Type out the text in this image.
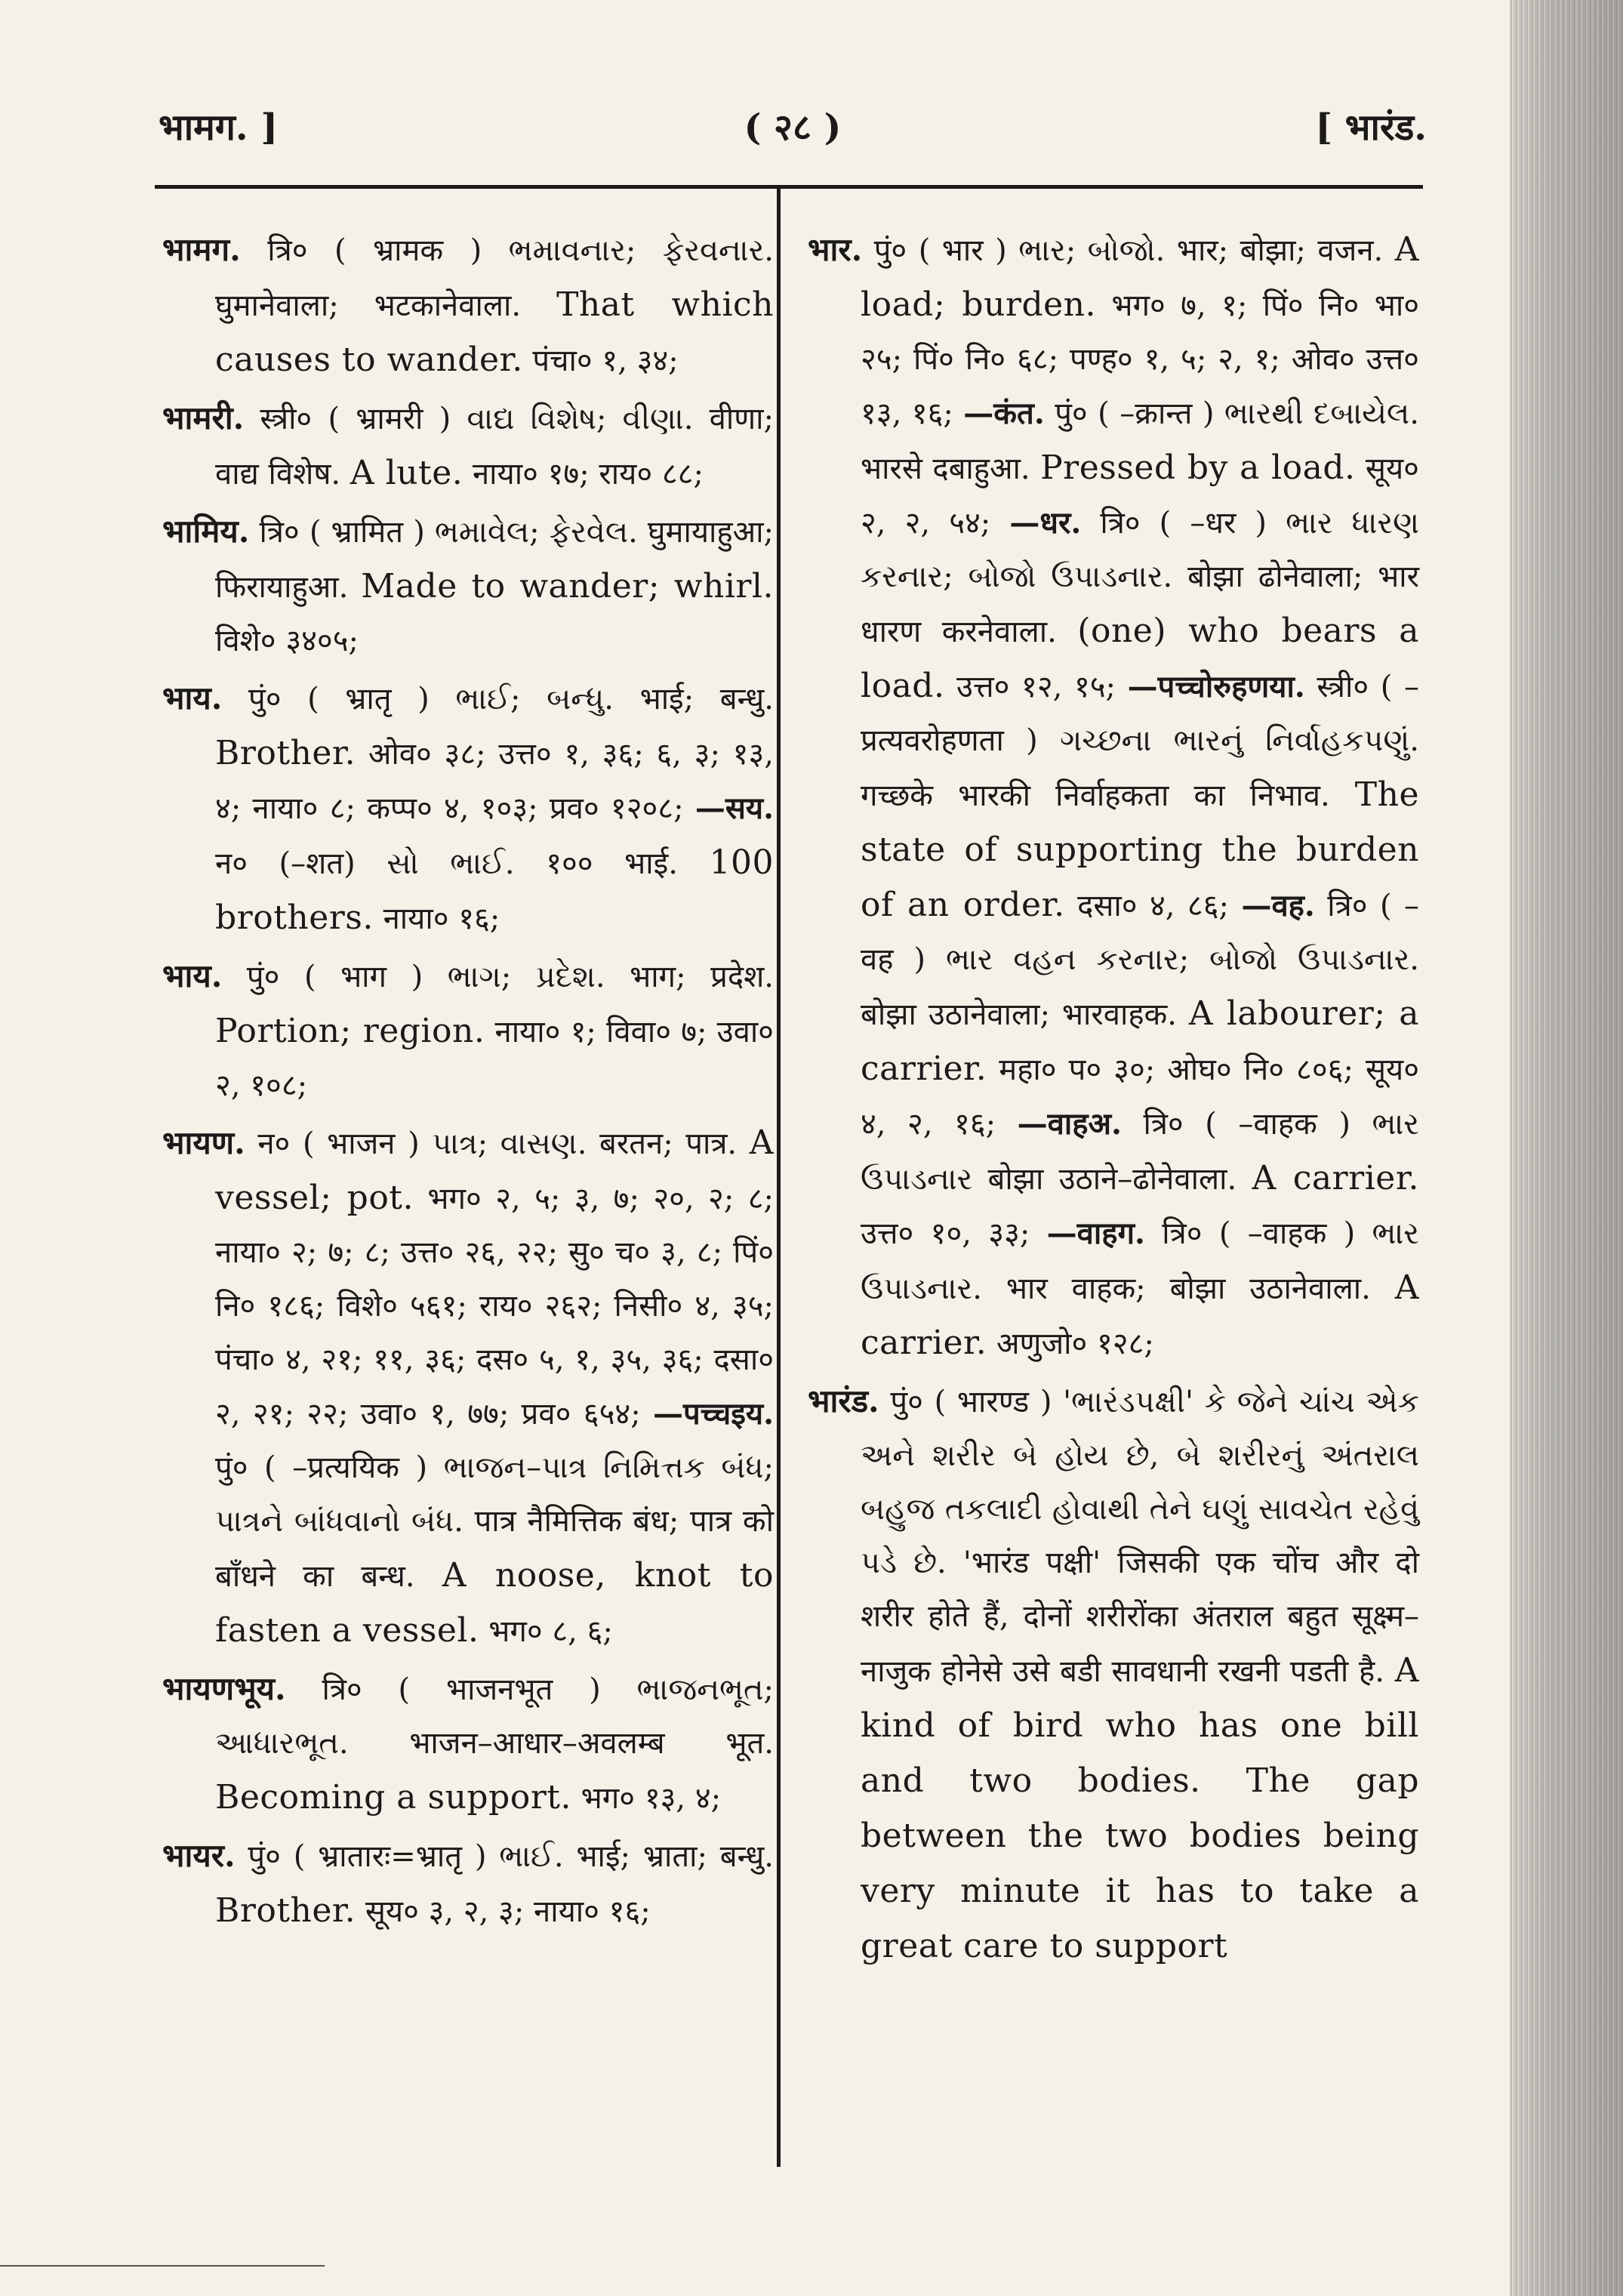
भामग. ]	( २८ )	[ भारंड.

भामग. त्रि० ( भ्रामक ) ભમાવનાર; ફેરવનાર. घुमानेवाला; भटकानेवाला. That which causes to wander. पंचा० १, ३४;

भामरी. स्त्री० ( भ्रामरी ) વાદ્ય વિશેષ; વીણા. वीणा; वाद्य विशेष. A lute. नाया० १७; राय० ८८;

भामिय. त्रि० ( भ्रामित ) ભમાવેલ; ફેરવેલ. घुमायाहुआ; फिरायाहुआ. Made to wander; whirl. विशे० ३४०५;

भाय. पुं० ( भ्रातृ ) ભાઈ; બન્ધુ. भाई; बन्धु. Brother. ओव० ३८; उत्त० १, ३६; ६, ३; १३, ४; नाया० ८; कप्प० ४, १०३; प्रव० १२०८; —सय. न० (–शत) સો ભાઈ. १०० भाई. 100 brothers. नाया० १६;

भाय. पुं० ( भाग ) ભાગ; પ્રદેશ. भाग; प्रदेश. Portion; region. नाया० १; विवा० ७; उवा० २, १०८;

भायण. न० ( भाजन ) પાત્ર; વાસણ. बरतन; पात्र. A vessel; pot. भग० २, ५; ३, ७; २०, २; ८; नाया० २; ७; ८; उत्त० २६, २२; सु० च० ३, ८; पिं० नि० १८६; विशे० ५६१; राय० २६२; निसी० ४, ३५; पंचा० ४, २१; ११, ३६; दस० ५, १, ३५, ३६; दसा० २, २१; २२; उवा० १, ७७; प्रव० ६५४; —पच्चइय. पुं० ( –प्रत्ययिक ) ભાજન–પાત્ર નિમિત્તક બંધ; પાત્રને બાંધવાનો બંધ. पात्र नैमित्तिक बंध; पात्र को बाँधने का बन्ध. A noose, knot to fasten a vessel. भग० ८, ६;

भायणभूय. त्रि० ( भाजनभूत ) ભાજનભૂત; આધારભૂત. भाजन–आधार–अवलम्ब भूत. Becoming a support. भग० १३, ४;

भायर. पुं० ( भ्रातारः=भ्रातृ ) ભાઈ. भाई; भ्राता; बन्धु. Brother. सूय० ३, २, ३; नाया० १६;

भार. पुं० ( भार ) ભાર; બોજો. भार; बोझा; वजन. A load; burden. भग० ७, १; पिं० नि० भा० २५; पिं० नि० ६८; पण्ह० १, ५; २, १; ओव० उत्त० १३, १६; —कंत. पुं० ( –क्रान्त ) ભારથી દબાયેલ. भारसे दबाहुआ. Pressed by a load. सूय० २, २, ५४; —धर. त्रि० ( –धर ) ભાર ધારણ કરનાર; બોજો ઉપાડનાર. बोझा ढोनेवाला; भार धारण करनेवाला. (one) who bears a load. उत्त० १२, १५; —पच्चोरुहणया. स्त्री० ( –प्रत्यवरोहणता ) ગચ્છના ભારનું નિર્વાહકપણું. गच्छके भारकी निर्वाहकता का निभाव. The state of supporting the burden of an order. दसा० ४, ८६; —वह. त्रि० ( –वह ) ભાર વહન કરનાર; બોજો ઉપાડનાર. बोझा उठानेवाला; भारवाहक. A labourer; a carrier. महा० प० ३०; ओघ० नि० ८०६; सूय० ४, २, १६; —वाहअ. त्रि० ( –वाहक ) ભાર ઉપાડનાર बोझा उठाने–ढोनेवाला. A carrier. उत्त० १०, ३३; —वाहग. त्रि० ( –वाहक ) ભાર ઉપાડનાર. भार वाहक; बोझा उठानेवाला. A carrier. अणुजो० १२८;

भारंड. पुं० ( भारण्ड ) 'ભારંડપક્ષી' કે જેને ચાંચ એક અને શરીર બે હોય છે, બે શરીરનું અંતરાલ બહુજ તકલાદી હોવાથી તેને ઘણું સાવચેત રહેવું પડે છે. 'भारंड पक्षी' जिसकी एक चोंच और दो शरीर होते हैं, दोनों शरीरोंका अंतराल बहुत सूक्ष्म–नाजुक होनेसे उसे बडी सावधानी रखनी पडती है. A kind of bird who has one bill and two bodies. The gap between the two bodies being very minute it has to take a great care to support
